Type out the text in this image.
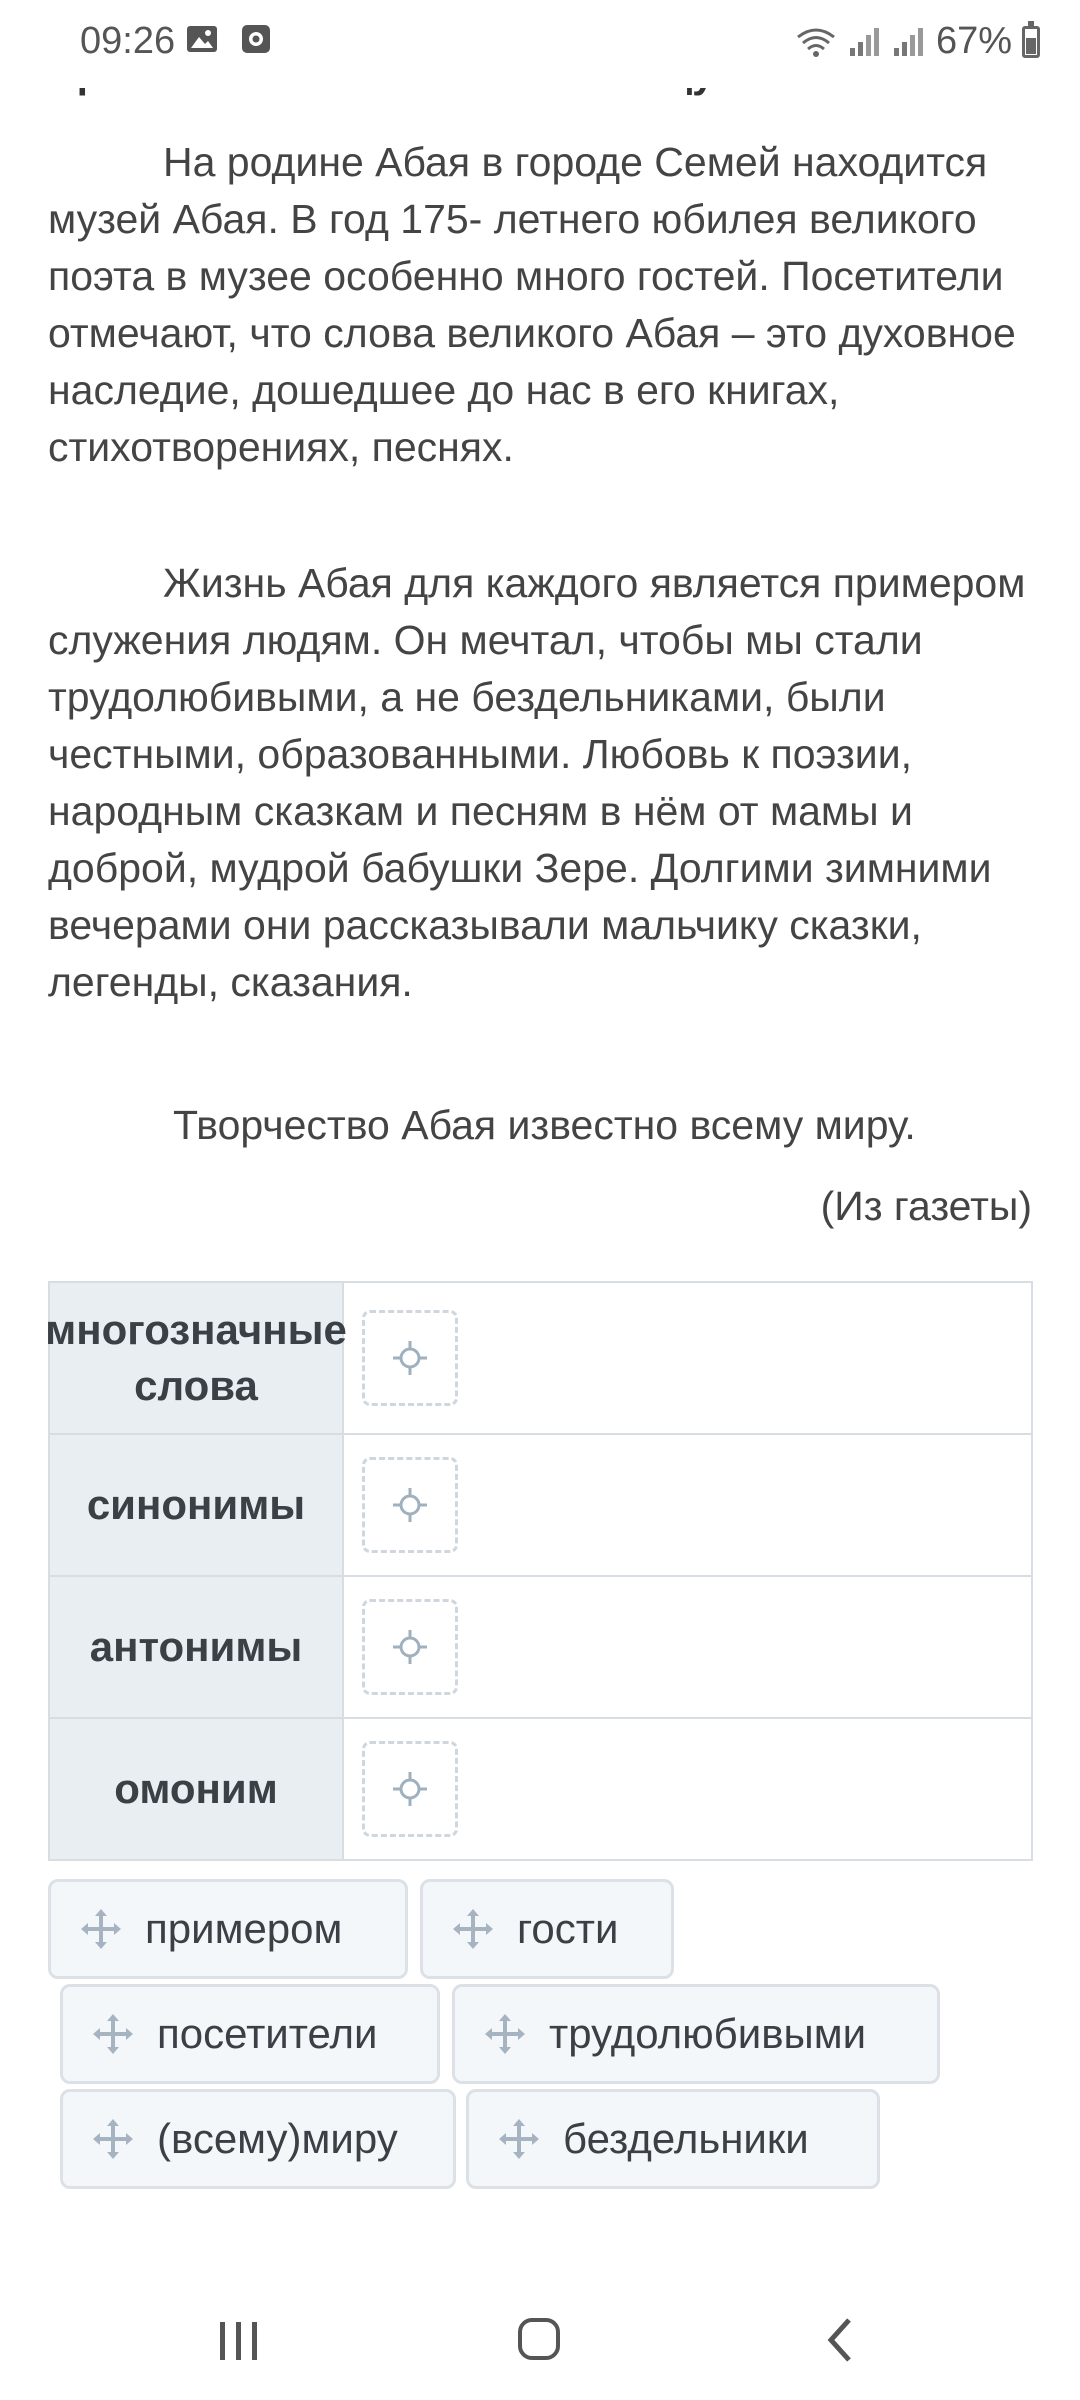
09:26	67%
На родине Абая в городе Семей находится музей Абая. В год 175- летнего юбилея великого поэта в музее особенно много гостей. Посетители отмечают, что слова великого Абая – это духовное наследие, дошедшее до нас в его книгах, стихотворениях, песнях.
Жизнь Абая для каждого является примером служения людям. Он мечтал, чтобы мы стали трудолюбивыми, а не бездельниками, были честными, образованными. Любовь к поэзии, народным сказкам и песням в нём от мамы и доброй, мудрой бабушки Зере. Долгими зимними вечерами они рассказывали мальчику сказки, легенды, сказания.
Творчество Абая известно всему миру.
(Из газеты)
многозначные слова
синонимы
антонимы
омоним
примером	гости
посетители	трудолюбивыми
(всему)миру	бездельники
